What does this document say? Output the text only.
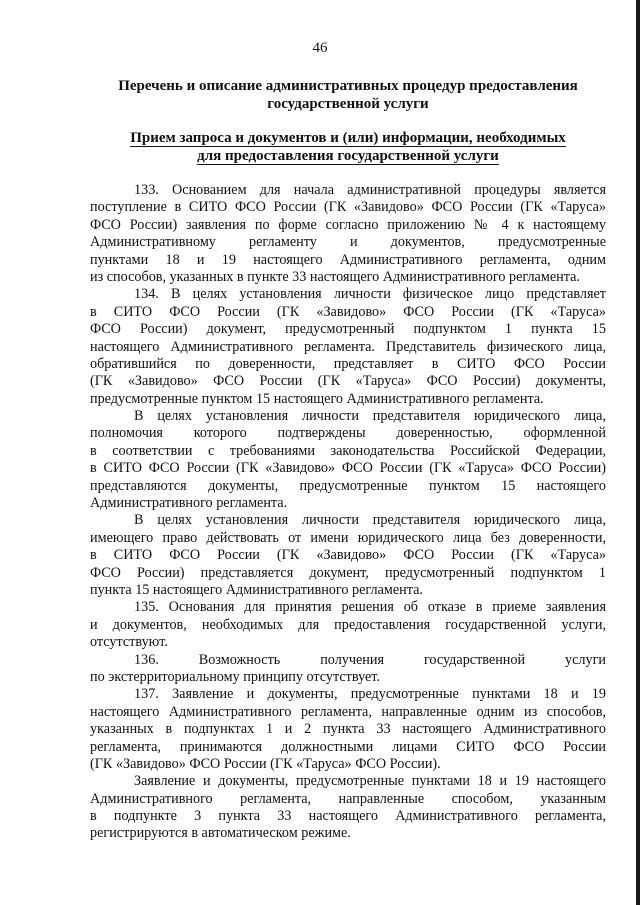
46
Перечень и описание административных процедур предоставления
государственной услуги
Прием запроса и документов и (или) информации, необходимых
для предоставления государственной услуги
133. Основанием для начала административной процедуры является
поступление в СИТО ФСО России (ГК «Завидово» ФСО России (ГК «Таруса»
ФСО России) заявления по форме согласно приложению № 4 к настоящему
Административному регламенту и документов, предусмотренные
пунктами 18 и 19 настоящего Административного регламента, одним
из способов, указанных в пункте 33 настоящего Административного регламента.
134. В целях установления личности физическое лицо представляет
в СИТО ФСО России (ГК «Завидово» ФСО России (ГК «Таруса»
ФСО России) документ, предусмотренный подпунктом 1 пункта 15
настоящего Административного регламента. Представитель физического лица,
обратившийся по доверенности, представляет в СИТО ФСО России
(ГК «Завидово» ФСО России (ГК «Таруса» ФСО России) документы,
предусмотренные пунктом 15 настоящего Административного регламента.
В целях установления личности представителя юридического лица,
полномочия которого подтверждены доверенностью, оформленной
в соответствии с требованиями законодательства Российской Федерации,
в СИТО ФСО России (ГК «Завидово» ФСО России (ГК «Таруса» ФСО России)
представляются документы, предусмотренные пунктом 15 настоящего
Административного регламента.
В целях установления личности представителя юридического лица,
имеющего право действовать от имени юридического лица без доверенности,
в СИТО ФСО России (ГК «Завидово» ФСО России (ГК «Таруса»
ФСО России) представляется документ, предусмотренный подпунктом 1
пункта 15 настоящего Административного регламента.
135. Основания для принятия решения об отказе в приеме заявления
и документов, необходимых для предоставления государственной услуги,
отсутствуют.
136. Возможность получения государственной услуги
по экстерриториальному принципу отсутствует.
137. Заявление и документы, предусмотренные пунктами 18 и 19
настоящего Административного регламента, направленные одним из способов,
указанных в подпунктах 1 и 2 пункта 33 настоящего Административного
регламента, принимаются должностными лицами СИТО ФСО России
(ГК «Завидово» ФСО России (ГК «Таруса» ФСО России).
Заявление и документы, предусмотренные пунктами 18 и 19 настоящего
Административного регламента, направленные способом, указанным
в подпункте 3 пункта 33 настоящего Административного регламента,
регистрируются в автоматическом режиме.
